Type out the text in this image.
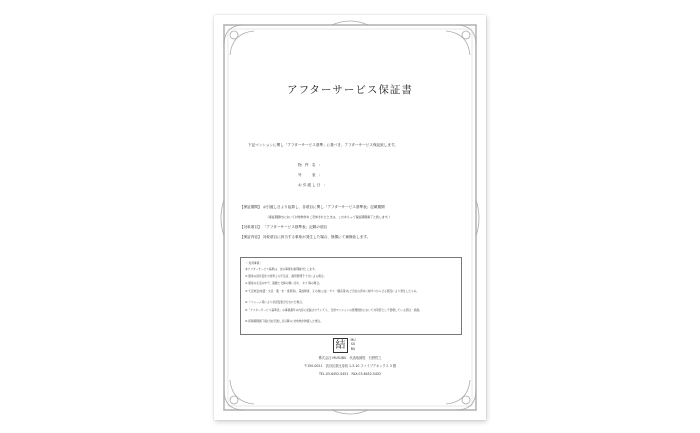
アフターサービス保証書
下記マンションに関し「アフターサービス基準」に基づき、アフターサービス保証致します。
物 件 名 ：
号　　室 ：
お引渡し日 ：
【保証期間】 お引渡し日より起算し、各項目に関し「アフターサービス基準表」記載期間
（保証期間内において対象物件をご売却されたときは、これをもって保証期間満了と致します。）
【対象項目】 「アフターサービス基準表」記載の項目
【保証内容】 対象項目に該当する事象が発生した場合、無償にて補修致します。
〈 免責事項 〉
本アフターサービス基準は、次の事項を適用除外とします。
① 通常の経年変化や使用上の不注意、適用管理不十分による場合。
② 通常の生活の中で、振動と支障の無い汚れ、キズ 傷の場合。
③ 天災地変(地震・火災・風・水・雷害等)、電波障害、その他(公益・ガス・騒音等)など当社の責めに帰すべからざる原因により発生したもの。
④ リフォーム等により状況変更が行われた場合。
⑤「アフターサービス基準表」の事項番号の内容に記載されていても、当該マンションの管理規約において共用部として管理している部位・設備。
⑥ 保障期間満了後(当社引渡し日以降)に対象物が修繕した場合。
結	MU SU BU
株式会社 MUSUBU　代表取締役　石野哲之
〒150-0021　渋谷区恵比寿西 1-3-10 ファイブアネックス 3 階
TEL.03-6452-5451　FAX.03-6452-5452
